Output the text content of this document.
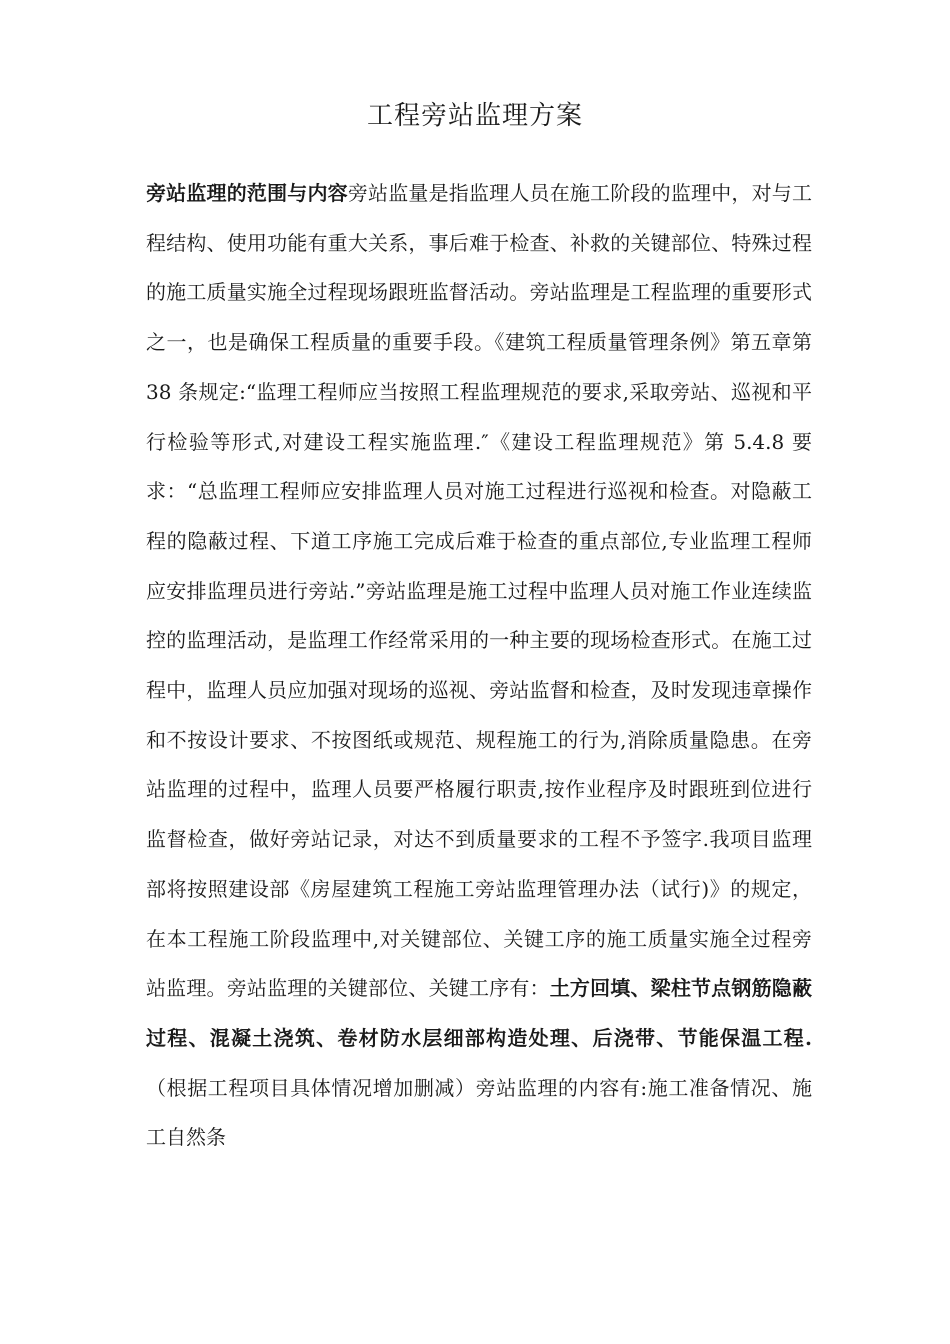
工程旁站监理方案

旁站监理的范围与内容旁站监量是指监理人员在施工阶段的监理中，对与工程结构、使用功能有重大关系，事后难于检查、补救的关键部位、特殊过程的施工质量实施全过程现场跟班监督活动。旁站监理是工程监理的重要形式之一，也是确保工程质量的重要手段。《建筑工程质量管理条例》第五章第 38 条规定:“监理工程师应当按照工程监理规范的要求,采取旁站、巡视和平行检验等形式,对建设工程实施监理.″《建设工程监理规范》第 5.4.8 要求：“总监理工程师应安排监理人员对施工过程进行巡视和检查。对隐蔽工程的隐蔽过程、下道工序施工完成后难于检查的重点部位,专业监理工程师应安排监理员进行旁站.”旁站监理是施工过程中监理人员对施工作业连续监控的监理活动，是监理工作经常采用的一种主要的现场检查形式。在施工过程中，监理人员应加强对现场的巡视、旁站监督和检查，及时发现违章操作和不按设计要求、不按图纸或规范、规程施工的行为,消除质量隐患。在旁站监理的过程中，监理人员要严格履行职责,按作业程序及时跟班到位进行监督检查，做好旁站记录，对达不到质量要求的工程不予签字.我项目监理部将按照建设部《房屋建筑工程施工旁站监理管理办法（试行)》的规定，在本工程施工阶段监理中,对关键部位、关键工序的施工质量实施全过程旁站监理。旁站监理的关键部位、关键工序有：土方回填、梁柱节点钢筋隐蔽过程、混凝土浇筑、卷材防水层细部构造处理、后浇带、节能保温工程.（根据工程项目具体情况增加删减）旁站监理的内容有:施工准备情况、施工自然条
